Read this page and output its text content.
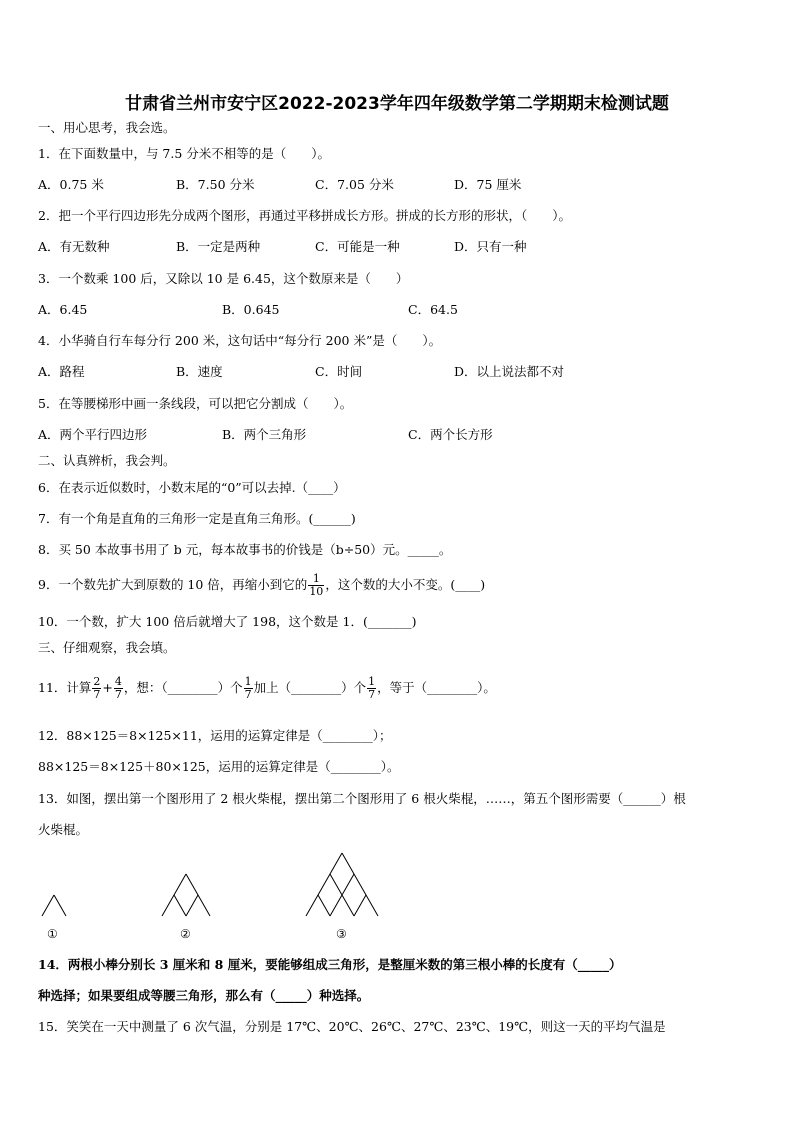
甘肃省兰州市安宁区2022-2023学年四年级数学第二学期期末检测试题
一、用心思考，我会选。
1．在下面数量中，与 7.5 分米不相等的是（　　）。
A．0.75 米	B．7.50 分米	C．7.05 分米	D．75 厘米
2．把一个平行四边形先分成两个图形，再通过平移拼成长方形。拼成的长方形的形状，（　　）。
A．有无数种	B．一定是两种	C．可能是一种	D．只有一种
3．一个数乘 100 后，又除以 10 是 6.45，这个数原来是（　　）
A．6.45	B．0.645	C．64.5
4．小华骑自行车每分行 200 米，这句话中“每分行 200 米”是（　　）。
A．路程	B．速度	C．时间	D．以上说法都不对
5．在等腰梯形中画一条线段，可以把它分割成（　　）。
A．两个平行四边形	B．两个三角形	C．两个长方形
二、认真辨析，我会判。
6．在表示近似数时，小数末尾的“0”可以去掉.（____）
7．有一个角是直角的三角形一定是直角三角形。(______)
8．买 50 本故事书用了 b 元，每本故事书的价钱是（b÷50）元。_____。
9．一个数先扩大到原数的 10 倍，再缩小到它的 $\frac{1}{10}$ ，这个数的大小不变。(____)
10．一个数，扩大 100 倍后就增大了 198，这个数是 1．(_______)
三、仔细观察，我会填。
11．计算 $\frac{2}{7} + \frac{4}{7}$ ，想：（________）个 $\frac{1}{7}$ 加上（________）个 $\frac{1}{7}$ ，等于（________）。
12．88×125＝8×125×11，运用的运算定律是（________）；
88×125＝8×125＋80×125，运用的运算定律是（________）。
13．如图，摆出第一个图形用了 2 根火柴棍，摆出第二个图形用了 6 根火柴棍，……，第五个图形需要（______）根
火柴棍。
①	②	③
14．两根小棒分别长 3 厘米和 8 厘米，要能够组成三角形，是整厘米数的第三根小棒的长度有（_____）
种选择；如果要组成等腰三角形，那么有（_____）种选择。
15．笑笑在一天中测量了 6 次气温，分别是 17℃、20℃、26℃、27℃、23℃、19℃，则这一天的平均气温是
